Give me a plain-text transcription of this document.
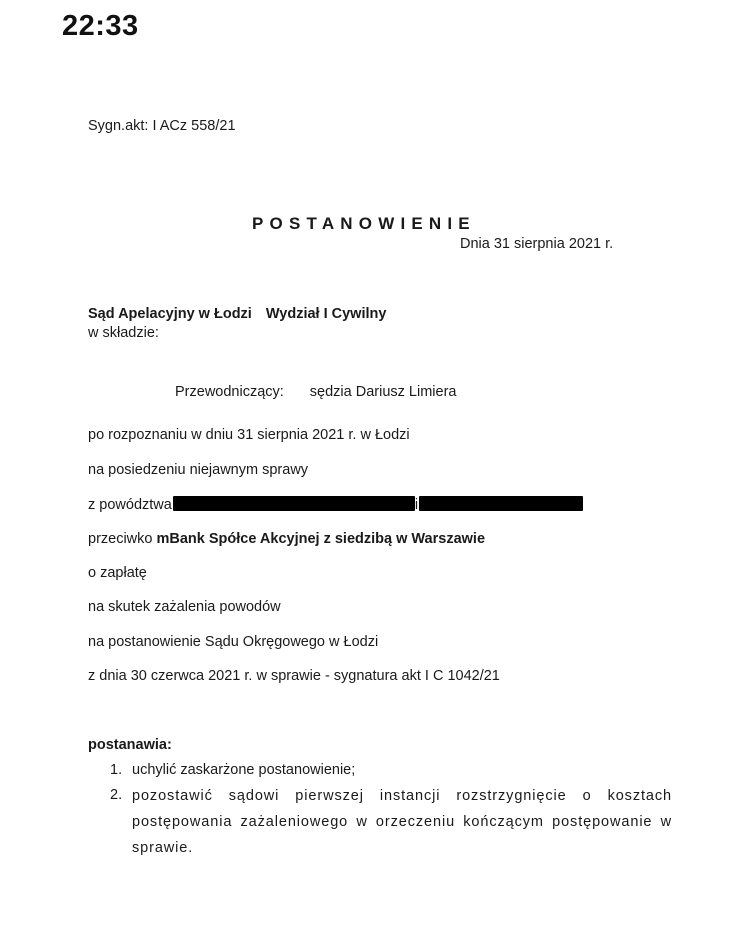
22:33
Sygn.akt: I ACz 558/21
POSTANOWIENIE
Dnia 31 sierpnia 2021 r.
Sąd Apelacyjny w Łodzi Wydział I Cywilny
w składzie:
Przewodniczący: sędzia Dariusz Limiera
po rozpoznaniu w dniu 31 sierpnia 2021 r. w Łodzi
na posiedzeniu niejawnym sprawy
z powództwa	i
przeciwko mBank Spółce Akcyjnej z siedzibą w Warszawie
o zapłatę
na skutek zażalenia powodów
na postanowienie Sądu Okręgowego w Łodzi
z dnia 30 czerwca 2021 r. w sprawie - sygnatura akt I C 1042/21
postanawia:
1. uchylić zaskarżone postanowienie;
2. pozostawić sądowi pierwszej instancji rozstrzygnięcie o kosztach postępowania zażaleniowego w orzeczeniu kończącym postępowanie w sprawie.
